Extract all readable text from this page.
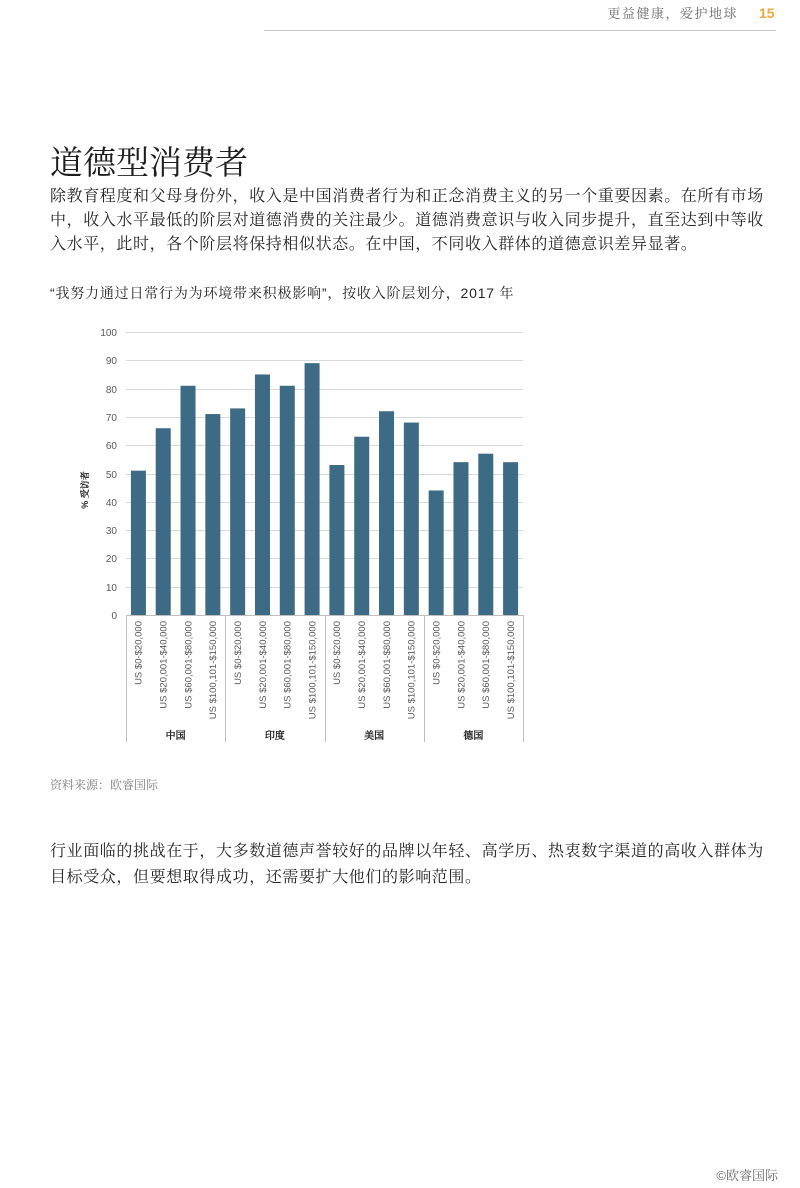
更益健康，爱护地球 15
道德型消费者
除教育程度和父母身份外，收入是中国消费者行为和正念消费主义的另一个重要因素。在所有市场
中，收入水平最低的阶层对道德消费的关注最少。道德消费意识与收入同步提升，直至达到中等收
入水平，此时，各个阶层将保持相似状态。在中国，不同收入群体的道德意识差异显著。
“我努力通过日常行为为环境带来积极影响”，按收入阶层划分，2017 年
0
10
20
30
40
50
60
70
80
90
100
US $0-$20,000 US $20,001-$40,000 US $60,001-$80,000 US $100,101-$150,000
中国
US $0-$20,000 US $20,001-$40,000 US $60,001-$80,000 US $100,101-$150,000
印度
US $0-$20,000 US $20,001-$40,000 US $60,001-$80,000 US $100,101-$150,000
美国
US $0-$20,000 US $20,001-$40,000 US $60,001-$80,000 US $100,101-$150,000
德国
% 受访者
资料来源：欧睿国际
行业面临的挑战在于，大多数道德声誉较好的品牌以年轻、高学历、热衷数字渠道的高收入群体为
目标受众，但要想取得成功，还需要扩大他们的影响范围。
©欧睿国际
